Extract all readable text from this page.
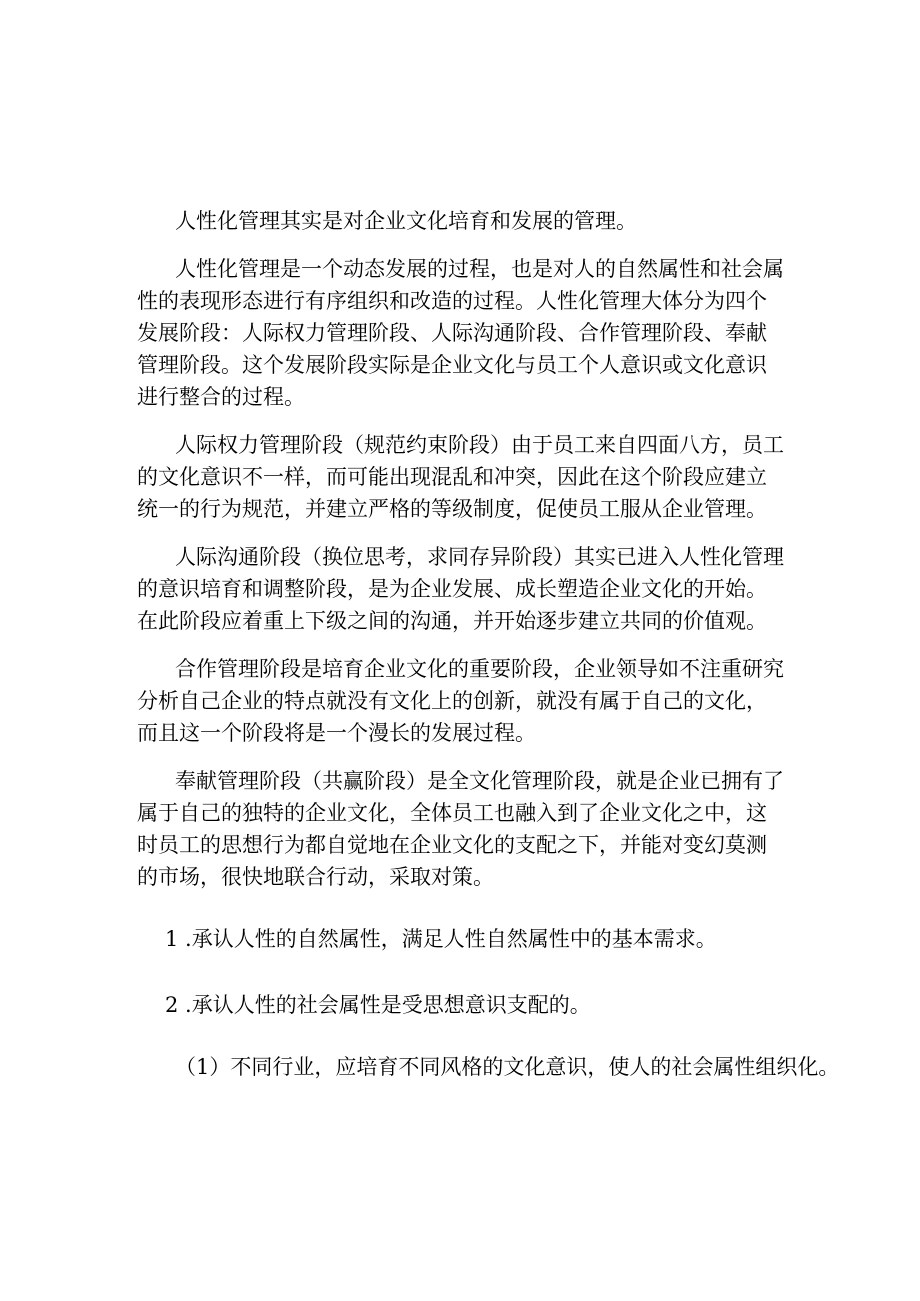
人性化管理其实是对企业文化培育和发展的管理。

人性化管理是一个动态发展的过程，也是对人的自然属性和社会属性的表现形态进行有序组织和改造的过程。人性化管理大体分为四个发展阶段：人际权力管理阶段、人际沟通阶段、合作管理阶段、奉献管理阶段。这个发展阶段实际是企业文化与员工个人意识或文化意识进行整合的过程。

人际权力管理阶段（规范约束阶段）由于员工来自四面八方，员工的文化意识不一样，而可能出现混乱和冲突，因此在这个阶段应建立统一的行为规范，并建立严格的等级制度，促使员工服从企业管理。

人际沟通阶段（换位思考，求同存异阶段）其实已进入人性化管理的意识培育和调整阶段，是为企业发展、成长塑造企业文化的开始。在此阶段应着重上下级之间的沟通，并开始逐步建立共同的价值观。

合作管理阶段是培育企业文化的重要阶段，企业领导如不注重研究分析自己企业的特点就没有文化上的创新，就没有属于自己的文化，而且这一个阶段将是一个漫长的发展过程。

奉献管理阶段（共赢阶段）是全文化管理阶段，就是企业已拥有了属于自己的独特的企业文化，全体员工也融入到了企业文化之中，这时员工的思想行为都自觉地在企业文化的支配之下，并能对变幻莫测的市场，很快地联合行动，采取对策。

1 .承认人性的自然属性，满足人性自然属性中的基本需求。

2 .承认人性的社会属性是受思想意识支配的。

（1）不同行业，应培育不同风格的文化意识，使人的社会属性组织化。
